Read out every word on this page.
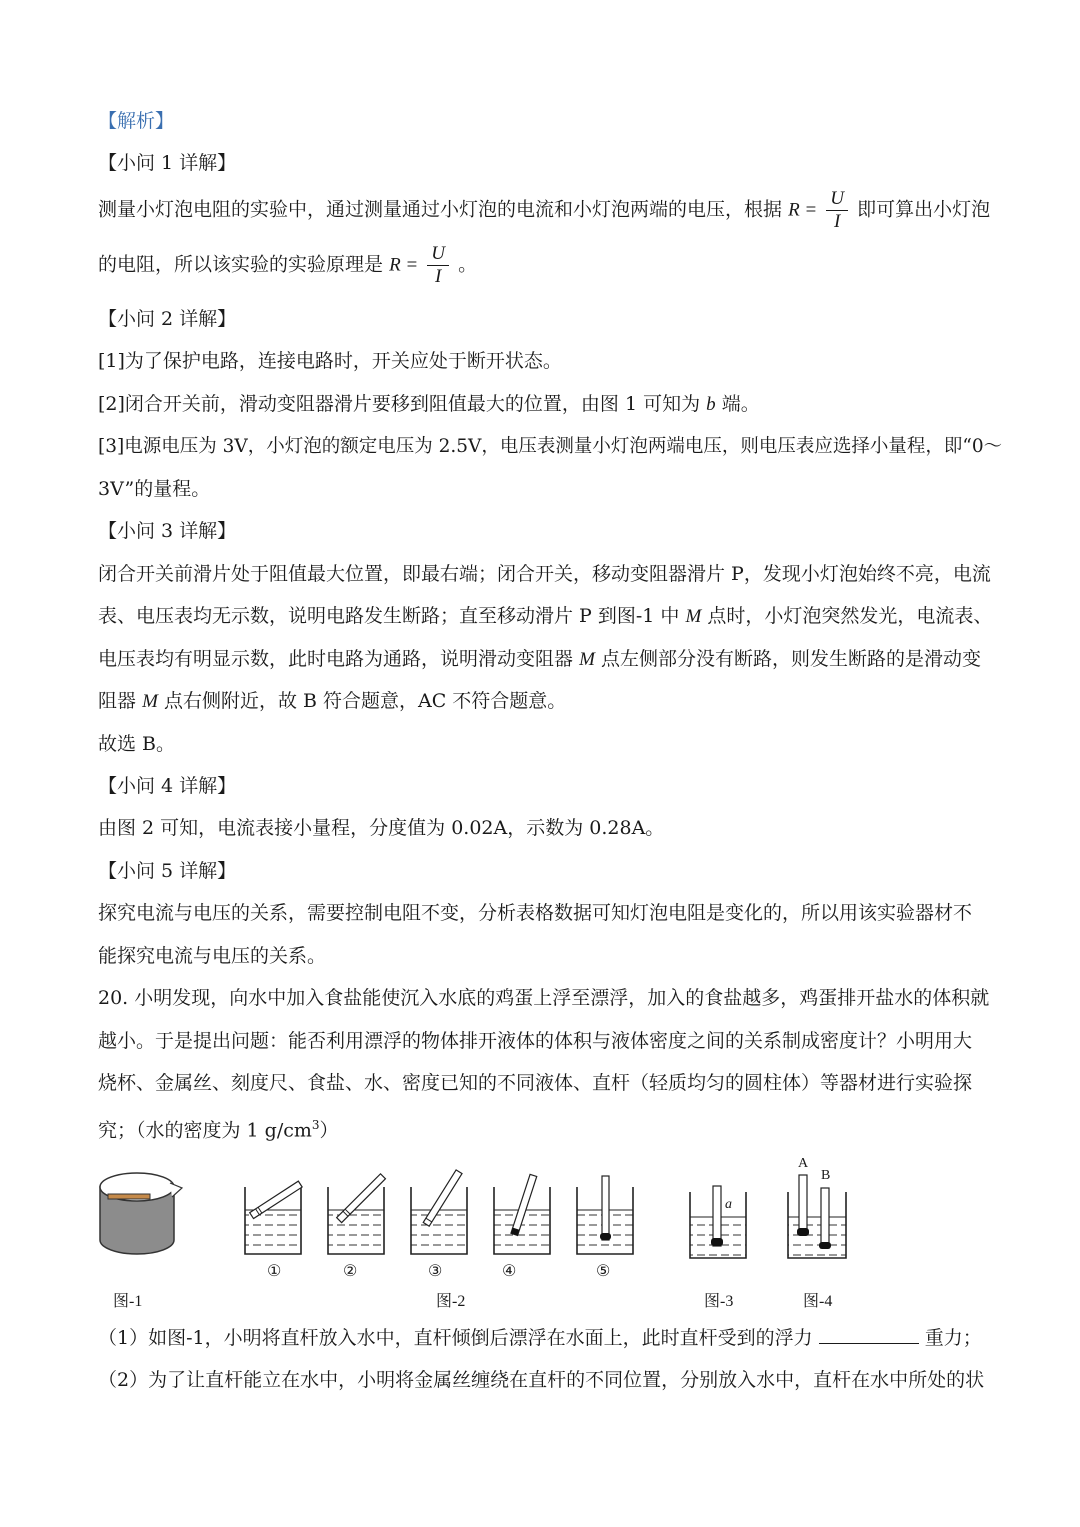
【解析】
【小问 1 详解】
测量小灯泡电阻的实验中，通过测量通过小灯泡的电流和小灯泡两端的电压，根据 $R = \frac{U}{I}$ 即可算出小灯泡
的电阻，所以该实验的实验原理是 $R = \frac{U}{I}$ 。
【小问 2 详解】
[1]为了保护电路，连接电路时，开关应处于断开状态。
[2]闭合开关前，滑动变阻器滑片要移到阻值最大的位置，由图 1 可知为 b 端。
[3]电源电压为 3V，小灯泡的额定电压为 2.5V，电压表测量小灯泡两端电压，则电压表应选择小量程，即“0～
3V”的量程。
【小问 3 详解】
闭合开关前滑片处于阻值最大位置，即最右端；闭合开关，移动变阻器滑片 P，发现小灯泡始终不亮，电流
表、电压表均无示数，说明电路发生断路；直至移动滑片 P 到图-1 中 M 点时，小灯泡突然发光，电流表、
电压表均有明显示数，此时电路为通路，说明滑动变阻器 M 点左侧部分没有断路，则发生断路的是滑动变
阻器 M 点右侧附近，故 B 符合题意，AC 不符合题意。
故选 B。
【小问 4 详解】
由图 2 可知，电流表接小量程，分度值为 0.02A，示数为 0.28A。
【小问 5 详解】
探究电流与电压的关系，需要控制电阻不变，分析表格数据可知灯泡电阻是变化的，所以用该实验器材不
能探究电流与电压的关系。
20. 小明发现，向水中加入食盐能使沉入水底的鸡蛋上浮至漂浮，加入的食盐越多，鸡蛋排开盐水的体积就
越小。于是提出问题：能否利用漂浮的物体排开液体的体积与液体密度之间的关系制成密度计？小明用大
烧杯、金属丝、刻度尺、食盐、水、密度已知的不同液体、直杆（轻质均匀的圆柱体）等器材进行实验探
究；（水的密度为 1 $g/cm^3$）
①	②	③	④	⑤
a
A
B
图-1	图-2	图-3	图-4
（1）如图-1，小明将直杆放入水中，直杆倾倒后漂浮在水面上，此时直杆受到的浮力	重力；
（2）为了让直杆能立在水中，小明将金属丝缠绕在直杆的不同位置，分别放入水中，直杆在水中所处的状
